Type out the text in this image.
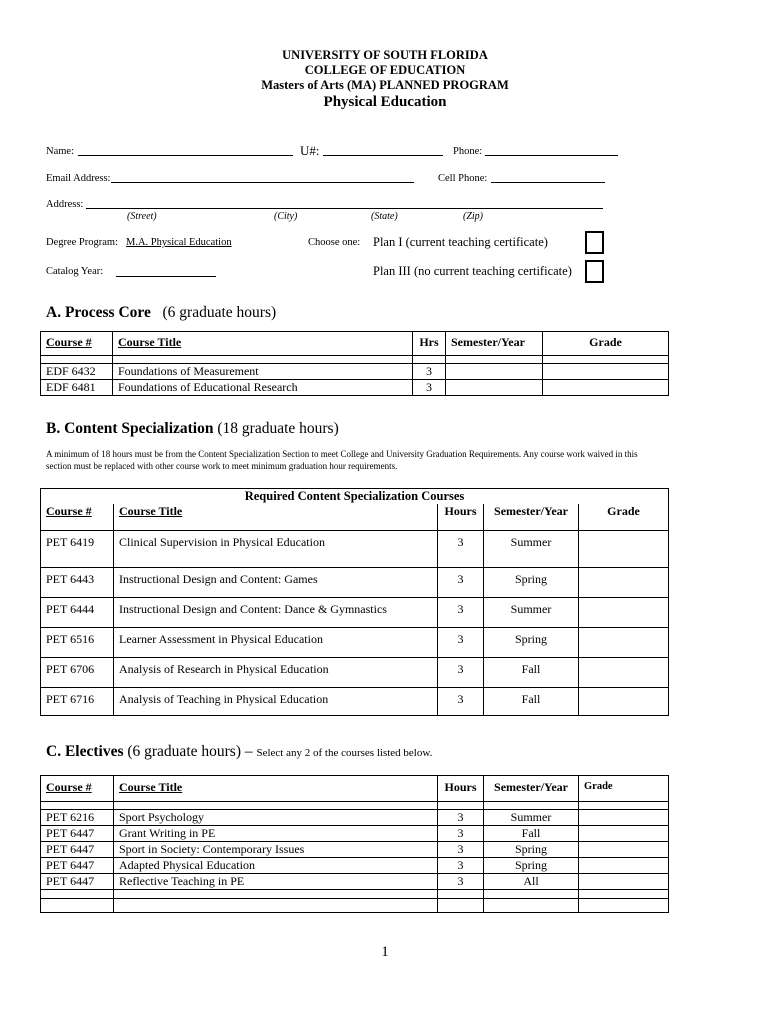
UNIVERSITY OF SOUTH FLORIDA
COLLEGE OF EDUCATION
Masters of Arts (MA) PLANNED PROGRAM
Physical Education
Name:	U#:	Phone:
Email Address:	Cell Phone:
Address:
(Street)	(City)	(State)	(Zip)
Degree Program: M.A. Physical Education	Choose one: Plan I (current teaching certificate)
Catalog Year:	Plan III (no current teaching certificate)
A. Process Core (6 graduate hours)
Course #	Course Title	Hrs	Semester/Year	Grade

EDF 6432	Foundations of Measurement	3		
EDF 6481	Foundations of Educational Research	3		
B. Content Specialization (18 graduate hours)
A minimum of 18 hours must be from the Content Specialization Section to meet College and University Graduation Requirements. Any course work waived in this
section must be replaced with other course work to meet minimum graduation hour requirements.
Required Content Specialization Courses				
Course #	Course Title	Hours	Semester/Year	Grade
PET 6419	Clinical Supervision in Physical Education	3	Summer	
PET 6443	Instructional Design and Content: Games	3	Spring	
PET 6444	Instructional Design and Content: Dance & Gymnastics	3	Summer	
PET 6516	Learner Assessment in Physical Education	3	Spring	
PET 6706	Analysis of Research in Physical Education	3	Fall	
PET 6716	Analysis of Teaching in Physical Education	3	Fall	
C. Electives (6 graduate hours) – Select any 2 of the courses listed below.
Course #	Course Title	Hours	Semester/Year	Grade

PET 6216	Sport Psychology	3	Summer	
PET 6447	Grant Writing in PE	3	Fall	
PET 6447	Sport in Society: Contemporary Issues	3	Spring	
PET 6447	Adapted Physical Education	3	Spring	
PET 6447	Reflective Teaching in PE	3	All	

1
